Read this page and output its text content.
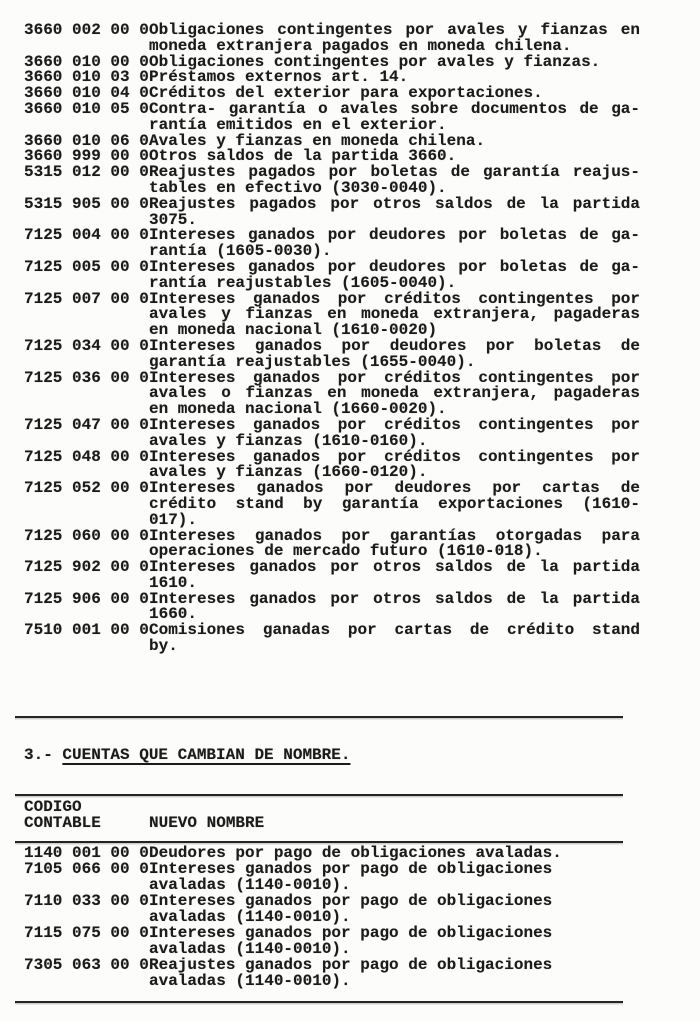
3660 002 00 0 Obligaciones contingentes por avales y fianzas en
moneda extranjera pagados en moneda chilena.
3660 010 00 0 Obligaciones contingentes por avales y fianzas.
3660 010 03 0 Préstamos externos art. 14.
3660 010 04 0 Créditos del exterior para exportaciones.
3660 010 05 0 Contra- garantía o avales sobre documentos de ga-
rantía emitidos en el exterior.
3660 010 06 0 Avales y fianzas en moneda chilena.
3660 999 00 0 Otros saldos de la partida 3660.
5315 012 00 0 Reajustes pagados por boletas de garantía reajus-
tables en efectivo (3030-0040).
5315 905 00 0 Reajustes pagados por otros saldos de la partida
3075.
7125 004 00 0 Intereses ganados por deudores por boletas de ga-
rantía (1605-0030).
7125 005 00 0 Intereses ganados por deudores por boletas de ga-
rantía reajustables (1605-0040).
7125 007 00 0 Intereses ganados por créditos contingentes por
avales y fianzas en moneda extranjera, pagaderas
en moneda nacional (1610-0020)
7125 034 00 0 Intereses ganados por deudores por boletas de
garantía reajustables (1655-0040).
7125 036 00 0 Intereses ganados por créditos contingentes por
avales o fianzas en moneda extranjera, pagaderas
en moneda nacional (1660-0020).
7125 047 00 0 Intereses ganados por créditos contingentes por
avales y fianzas (1610-0160).
7125 048 00 0 Intereses ganados por créditos contingentes por
avales y fianzas (1660-0120).
7125 052 00 0 Intereses ganados por deudores por cartas de
crédito stand by garantía exportaciones (1610-
017).
7125 060 00 0 Intereses ganados por garantías otorgadas para
operaciones de mercado futuro (1610-018).
7125 902 00 0 Intereses ganados por otros saldos de la partida
1610.
7125 906 00 0 Intereses ganados por otros saldos de la partida
1660.
7510 001 00 0 Comisiones ganadas por cartas de crédito stand
by.
3.- CUENTAS QUE CAMBIAN DE NOMBRE.
CODIGO
CONTABLE	NUEVO NOMBRE
1140 001 00 0 Deudores por pago de obligaciones avaladas.
7105 066 00 0 Intereses ganados por pago de obligaciones
avaladas (1140-0010).
7110 033 00 0 Intereses ganados por pago de obligaciones
avaladas (1140-0010).
7115 075 00 0 Intereses ganados por pago de obligaciones
avaladas (1140-0010).
7305 063 00 0 Reajustes ganados por pago de obligaciones
avaladas (1140-0010).
